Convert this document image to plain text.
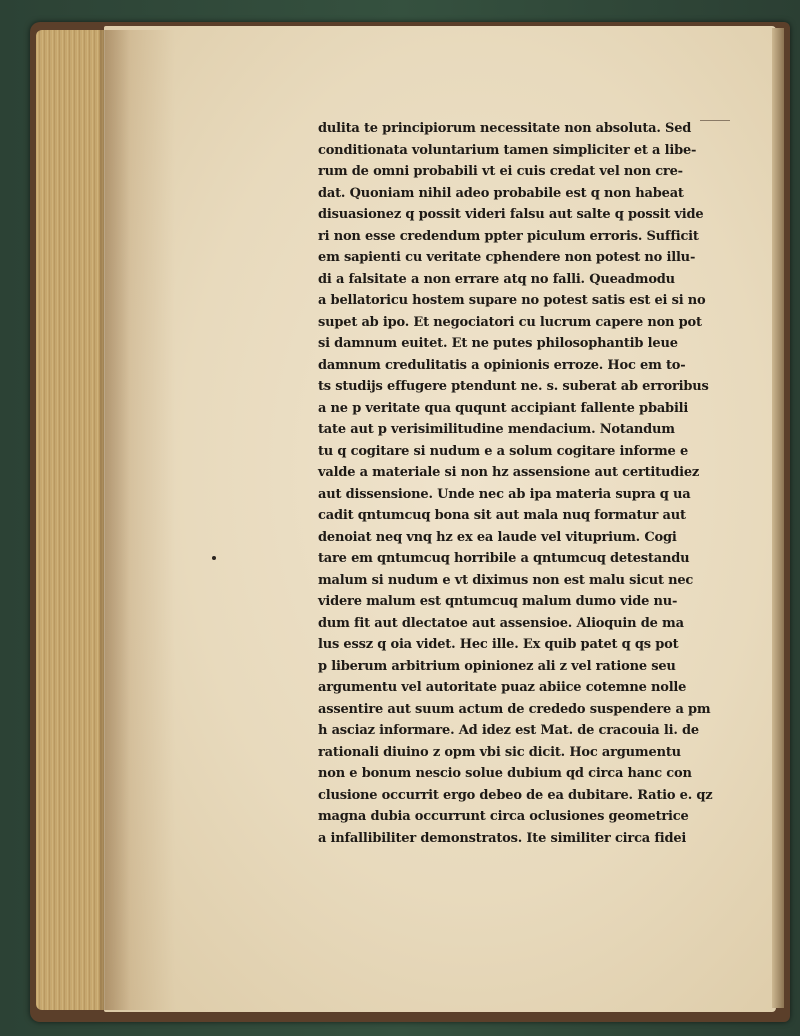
dulita te principiorum necessitate non absoluta. Sed
conditionata voluntarium tamen simpliciter et a libe-
rum de omni probabili vt ei cuis credat vel non cre-
dat. Quoniam nihil adeo probabile est q non habeat
disuasionez q possit videri falsu aut salte q possit vide
ri non esse credendum ppter piculum erroris. Sufficit
em sapienti cu veritate cphendere non potest no illu-
di a falsitate a non errare atq no falli. Queadmodu
a bellatoricu hostem supare no potest satis est ei si no
supet ab ipo. Et negociatori cu lucrum capere non pot
si damnum euitet. Et ne putes philosophantib leue
damnum credulitatis a opinionis erroze. Hoc em to-
ts studijs effugere ptendunt ne. s. suberat ab erroribus
a ne p veritate qua ququnt accipiant fallente pbabili
tate aut p verisimilitudine mendacium. Notandum
tu q cogitare si nudum e a solum cogitare informe e
valde a materiale si non hz assensione aut certitudiez
aut dissensione. Unde nec ab ipa materia supra q ua
cadit qntumcuq bona sit aut mala nuq formatur aut
denoiat neq vnq hz ex ea laude vel vituprium. Cogi
tare em qntumcuq horribile a qntumcuq detestandu
malum si nudum e vt diximus non est malu sicut nec
videre malum est qntumcuq malum dumo vide nu-
dum fit aut dlectatoe aut assensioe. Alioquin de ma
lus essz q oia videt. Hec ille. Ex quib patet q qs pot
p liberum arbitrium opinionez ali z vel ratione seu
argumentu vel autoritate puaz abiice cotemne nolle
assentire aut suum actum de crededo suspendere a pm
h asciaz informare. Ad idez est Mat. de cracouia li. de
rationali diuino z opm vbi sic dicit. Hoc argumentu
non e bonum nescio solue dubium qd circa hanc con
clusione occurrit ergo debeo de ea dubitare. Ratio e. qz
magna dubia occurrunt circa oclusiones geometrice
a infallibiliter demonstratos. Ite similiter circa fidei
